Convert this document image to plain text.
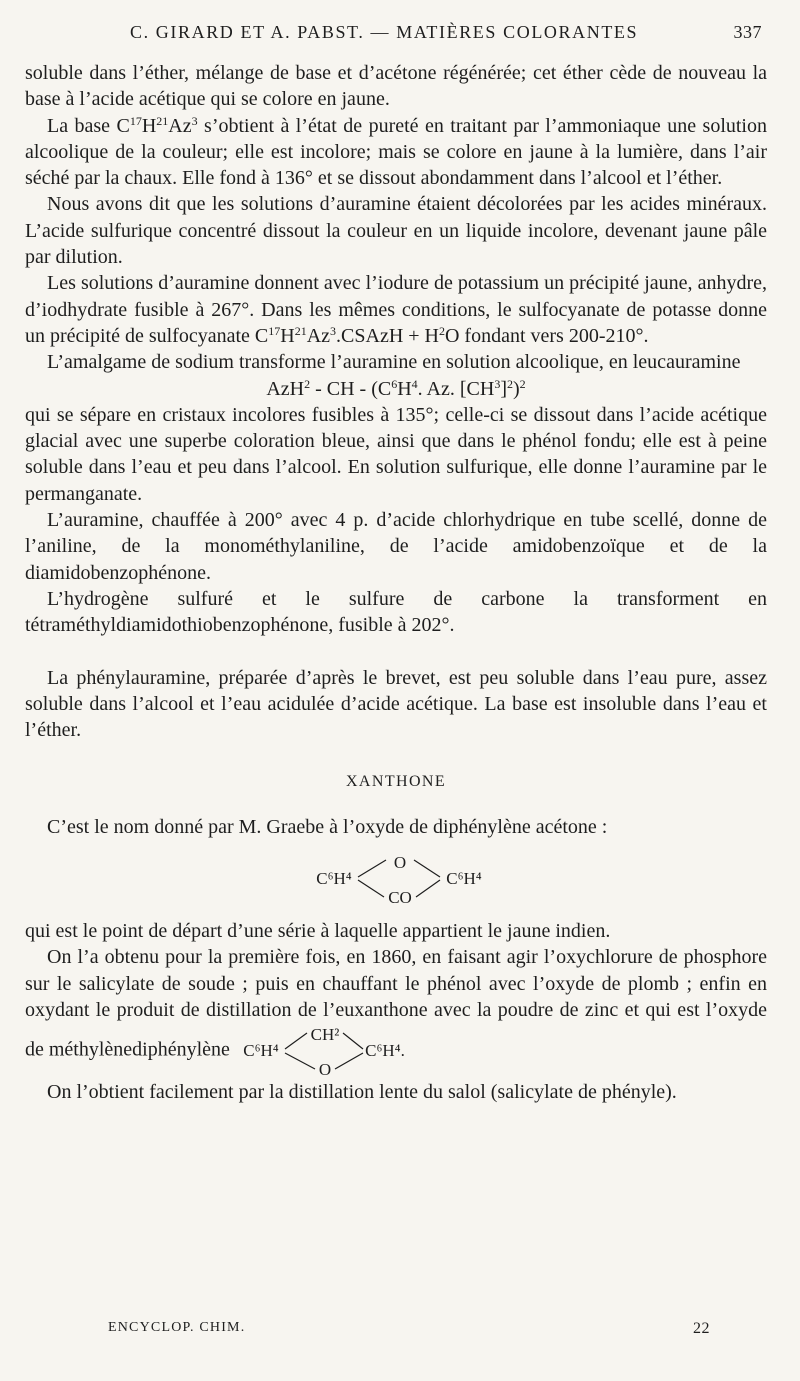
C. GIRARD ET A. PABST. — MATIÈRES COLORANTES	337

soluble dans l’éther, mélange de base et d’acétone régénérée; cet éther cède de nouveau la base à l’acide acétique qui se colore en jaune.

La base $C^{17}H^{21}Az^3$ s’obtient à l’état de pureté en traitant par l’ammoniaque une solution alcoolique de la couleur; elle est incolore; mais se colore en jaune à la lumière, dans l’air séché par la chaux. Elle fond à 136° et se dissout abondamment dans l’alcool et l’éther.

Nous avons dit que les solutions d’auramine étaient décolorées par les acides minéraux. L’acide sulfurique concentré dissout la couleur en un liquide incolore, devenant jaune pâle par dilution.

Les solutions d’auramine donnent avec l’iodure de potassium un précipité jaune, anhydre, d’iodhydrate fusible à 267°. Dans les mêmes conditions, le sulfocyanate de potasse donne un précipité de sulfocyanate $C^{17}H^{21}Az^3.CSAzH + H^2O$ fondant vers 200-210°.

L’amalgame de sodium transforme l’auramine en solution alcoolique, en leucauramine

AzH$^2$ - CH - ($C^6H^4$. Az. $[CH^3]^2)^2$

qui se sépare en cristaux incolores fusibles à 135°; celle-ci se dissout dans l’acide acétique glacial avec une superbe coloration bleue, ainsi que dans le phénol fondu; elle est à peine soluble dans l’eau et peu dans l’alcool. En solution sulfurique, elle donne l’auramine par le permanganate.

L’auramine, chauffée à 200° avec 4 p. d’acide chlorhydrique en tube scellé, donne de l’aniline, de la monométhylaniline, de l’acide amidobenzoïque et de la diamidobenzophénone.

L’hydrogène sulfuré et le sulfure de carbone la transforment en tétraméthyldiamidothiobenzophénone, fusible à 202°.

La phénylauramine, préparée d’après le brevet, est peu soluble dans l’eau pure, assez soluble dans l’alcool et l’eau acidulée d’acide acétique. La base est insoluble dans l’eau et l’éther.

XANTHONE

C’est le nom donné par M. Graebe à l’oxyde de diphénylène acétone :

C⁶H⁴
O
CO
C⁶H⁴

qui est le point de départ d’une série à laquelle appartient le jaune indien.

On l’a obtenu pour la première fois, en 1860, en faisant agir l’oxychlorure de phosphore sur le salicylate de soude ; puis en chauffant le phénol avec l’oxyde de plomb ; enfin en oxydant le produit de distillation de l’euxanthone avec la poudre de zinc et qui est l’oxyde de méthylènediphénylène C⁶H⁴
CH²
O
C⁶H⁴.

On l’obtient facilement par la distillation lente du salol (salicylate de phényle).

ENCYCLOP. CHIM.	22
